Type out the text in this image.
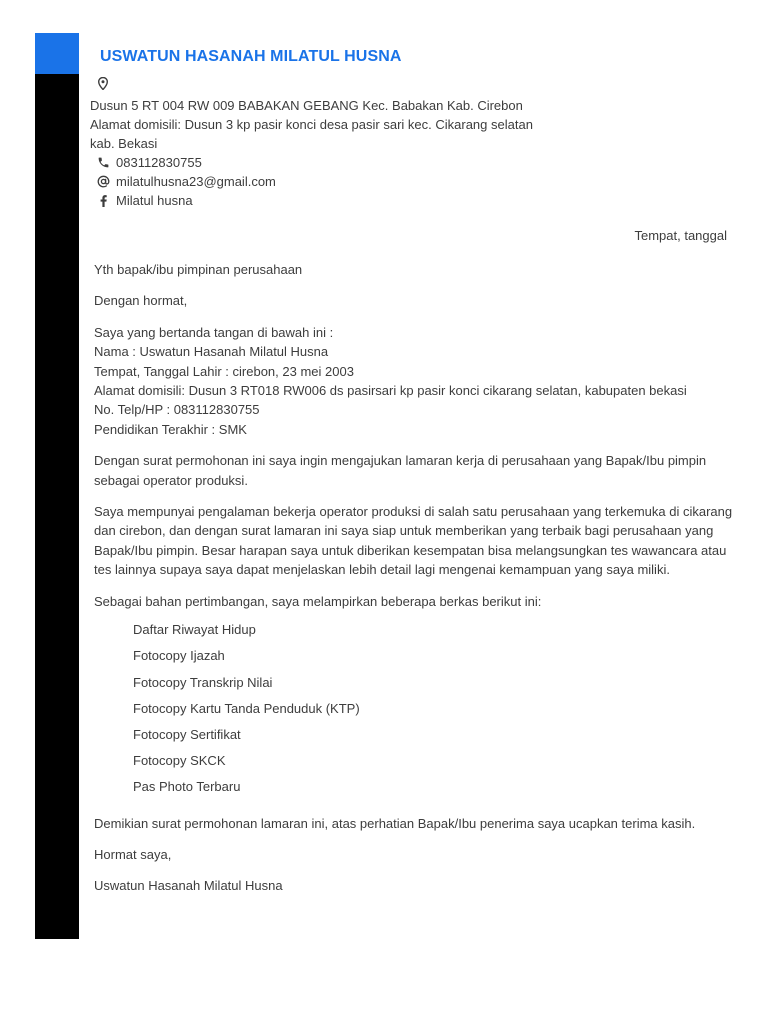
USWATUN HASANAH MILATUL HUSNA
Dusun 5 RT 004 RW 009 BABAKAN GEBANG Kec. Babakan Kab. Cirebon
Alamat domisili: Dusun 3 kp pasir konci desa pasir sari kec. Cikarang selatan
kab. Bekasi
083112830755
milatulhusna23@gmail.com
Milatul husna
Tempat, tanggal

Yth bapak/ibu pimpinan perusahaan

Dengan hormat,

Saya yang bertanda tangan di bawah ini :
Nama : Uswatun Hasanah Milatul Husna
Tempat, Tanggal Lahir : cirebon, 23 mei 2003
Alamat domisili: Dusun 3 RT018 RW006 ds pasirsari kp pasir konci cikarang selatan, kabupaten bekasi
No. Telp/HP : 083112830755
Pendidikan Terakhir : SMK

Dengan surat permohonan ini saya ingin mengajukan lamaran kerja di perusahaan yang Bapak/Ibu pimpin sebagai operator produksi.

Saya mempunyai pengalaman bekerja operator produksi di salah satu perusahaan yang terkemuka di cikarang dan cirebon, dan dengan surat lamaran ini saya siap untuk memberikan yang terbaik bagi perusahaan yang Bapak/Ibu pimpin. Besar harapan saya untuk diberikan kesempatan bisa melangsungkan tes wawancara atau tes lainnya supaya saya dapat menjelaskan lebih detail lagi mengenai kemampuan yang saya miliki.

Sebagai bahan pertimbangan, saya melampirkan beberapa berkas berikut ini:

Daftar Riwayat Hidup
Fotocopy Ijazah
Fotocopy Transkrip Nilai
Fotocopy Kartu Tanda Penduduk (KTP)
Fotocopy Sertifikat
Fotocopy SKCK
Pas Photo Terbaru

Demikian surat permohonan lamaran ini, atas perhatian Bapak/Ibu penerima saya ucapkan terima kasih.

Hormat saya,

Uswatun Hasanah Milatul Husna
